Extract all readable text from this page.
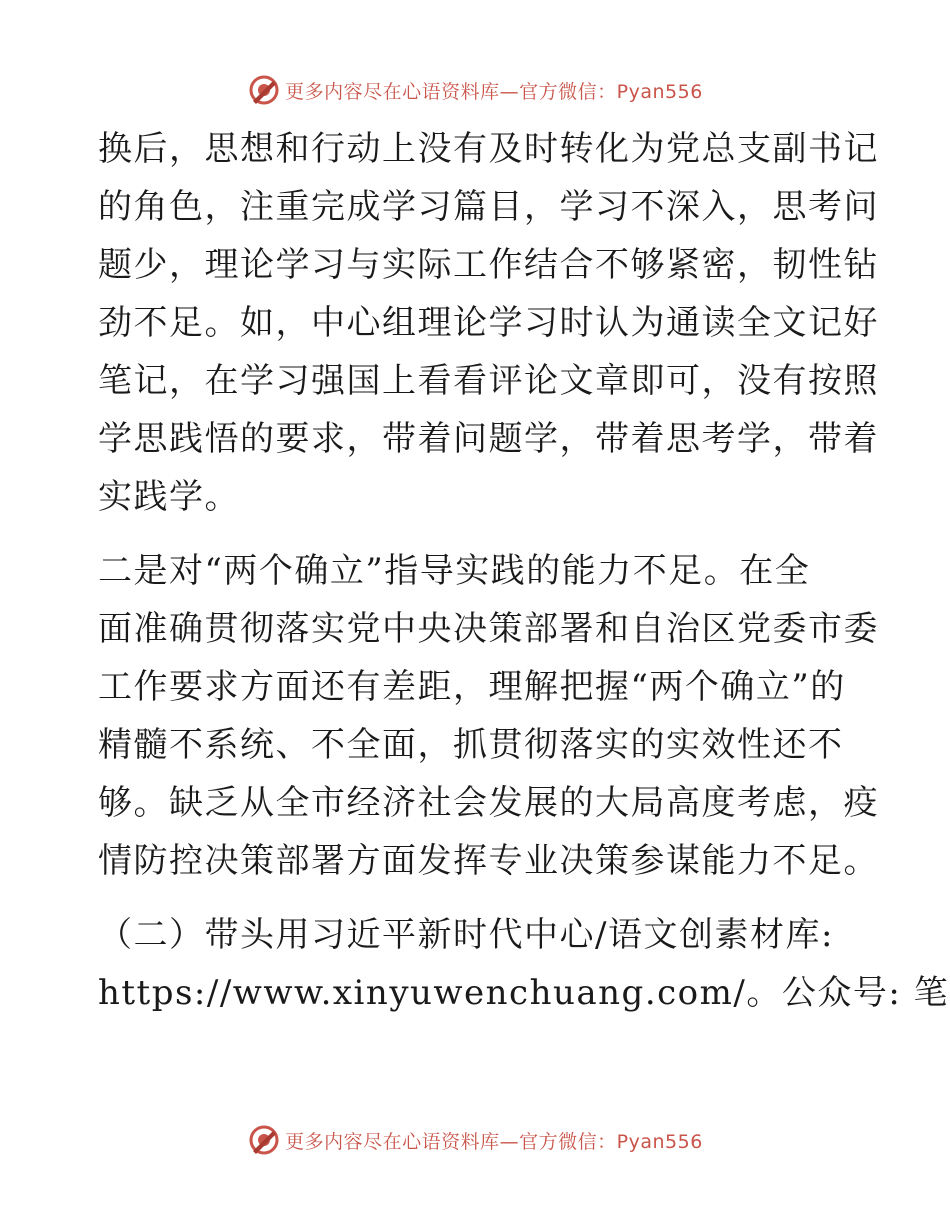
更多内容尽在心语资料库—官方微信：Pyan556
换后，思想和行动上没有及时转化为党总支副书记
的角色，注重完成学习篇目，学习不深入，思考问
题少，理论学习与实际工作结合不够紧密，韧性钻
劲不足。如，中心组理论学习时认为通读全文记好
笔记，在学习强国上看看评论文章即可，没有按照
学思践悟的要求，带着问题学，带着思考学，带着
实践学。
二是对“两个确立”指导实践的能力不足。在全
面准确贯彻落实党中央决策部署和自治区党委市委
工作要求方面还有差距，理解把握“两个确立”的
精髓不系统、不全面，抓贯彻落实的实效性还不
够。缺乏从全市经济社会发展的大局高度考虑，疫
情防控决策部署方面发挥专业决策参谋能力不足。
（二）带头用习近平新时代中心/语文创素材库:
https://www.xinyuwenchuang.com/。公众号: 笔
更多内容尽在心语资料库—官方微信：Pyan556
